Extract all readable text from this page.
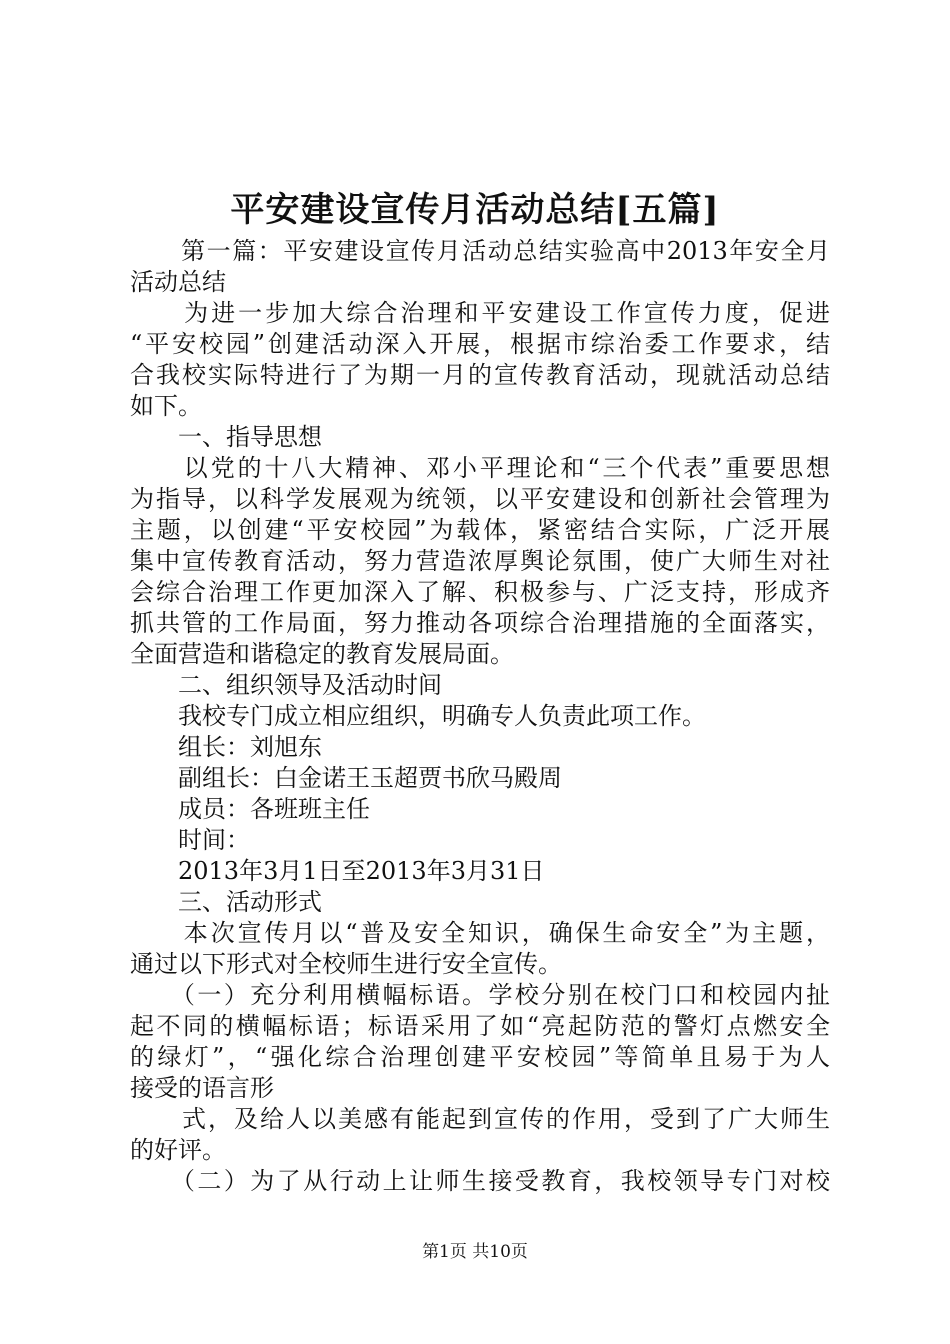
平安建设宣传月活动总结[五篇]
　　第一篇：平安建设宣传月活动总结实验高中2013年安全月
活动总结
　　为进一步加大综合治理和平安建设工作宣传力度，促进
“平安校园”创建活动深入开展，根据市综治委工作要求，结
合我校实际特进行了为期一月的宣传教育活动，现就活动总结
如下。
　　一、指导思想
　　以党的十八大精神、邓小平理论和“三个代表”重要思想
为指导，以科学发展观为统领，以平安建设和创新社会管理为
主题，以创建“平安校园”为载体，紧密结合实际，广泛开展
集中宣传教育活动，努力营造浓厚舆论氛围，使广大师生对社
会综合治理工作更加深入了解、积极参与、广泛支持，形成齐
抓共管的工作局面，努力推动各项综合治理措施的全面落实，
全面营造和谐稳定的教育发展局面。
　　二、组织领导及活动时间
　　我校专门成立相应组织，明确专人负责此项工作。
　　组长：刘旭东
　　副组长：白金诺王玉超贾书欣马殿周
　　成员：各班班主任
　　时间：
　　2013年3月1日至2013年3月31日
　　三、活动形式
　　本次宣传月以“普及安全知识，确保生命安全”为主题，
通过以下形式对全校师生进行安全宣传。
　　（一）充分利用横幅标语。学校分别在校门口和校园内扯
起不同的横幅标语；标语采用了如“亮起防范的警灯点燃安全
的绿灯”，“强化综合治理创建平安校园”等简单且易于为人
接受的语言形
　　式，及给人以美感有能起到宣传的作用，受到了广大师生
的好评。
　　（二）为了从行动上让师生接受教育，我校领导专门对校
第1页 共10页
